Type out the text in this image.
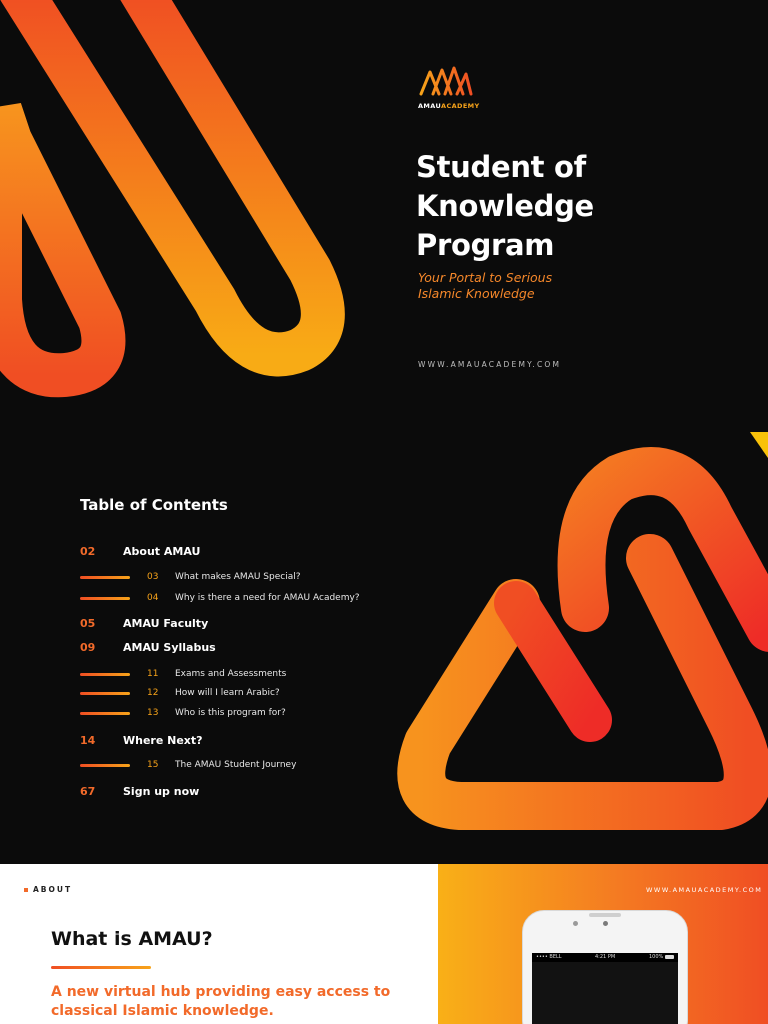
AMAUACADEMY
Student of
Knowledge
Program
Your Portal to Serious
Islamic Knowledge
WWW.AMAUACADEMY.COM
Table of Contents
02	About AMAU
03 What makes AMAU Special?
04 Why is there a need for AMAU Academy?
05	AMAU Faculty
09	AMAU Syllabus
11 Exams and Assessments
12 How will I learn Arabic?
13 Who is this program for?
14	Where Next?
15 The AMAU Student Journey
67	Sign up now
ABOUT
What is AMAU?
A new virtual hub providing easy access to
classical Islamic knowledge.
WWW.AMAUACADEMY.COM
•••• BELL	4:21 PM	100%
